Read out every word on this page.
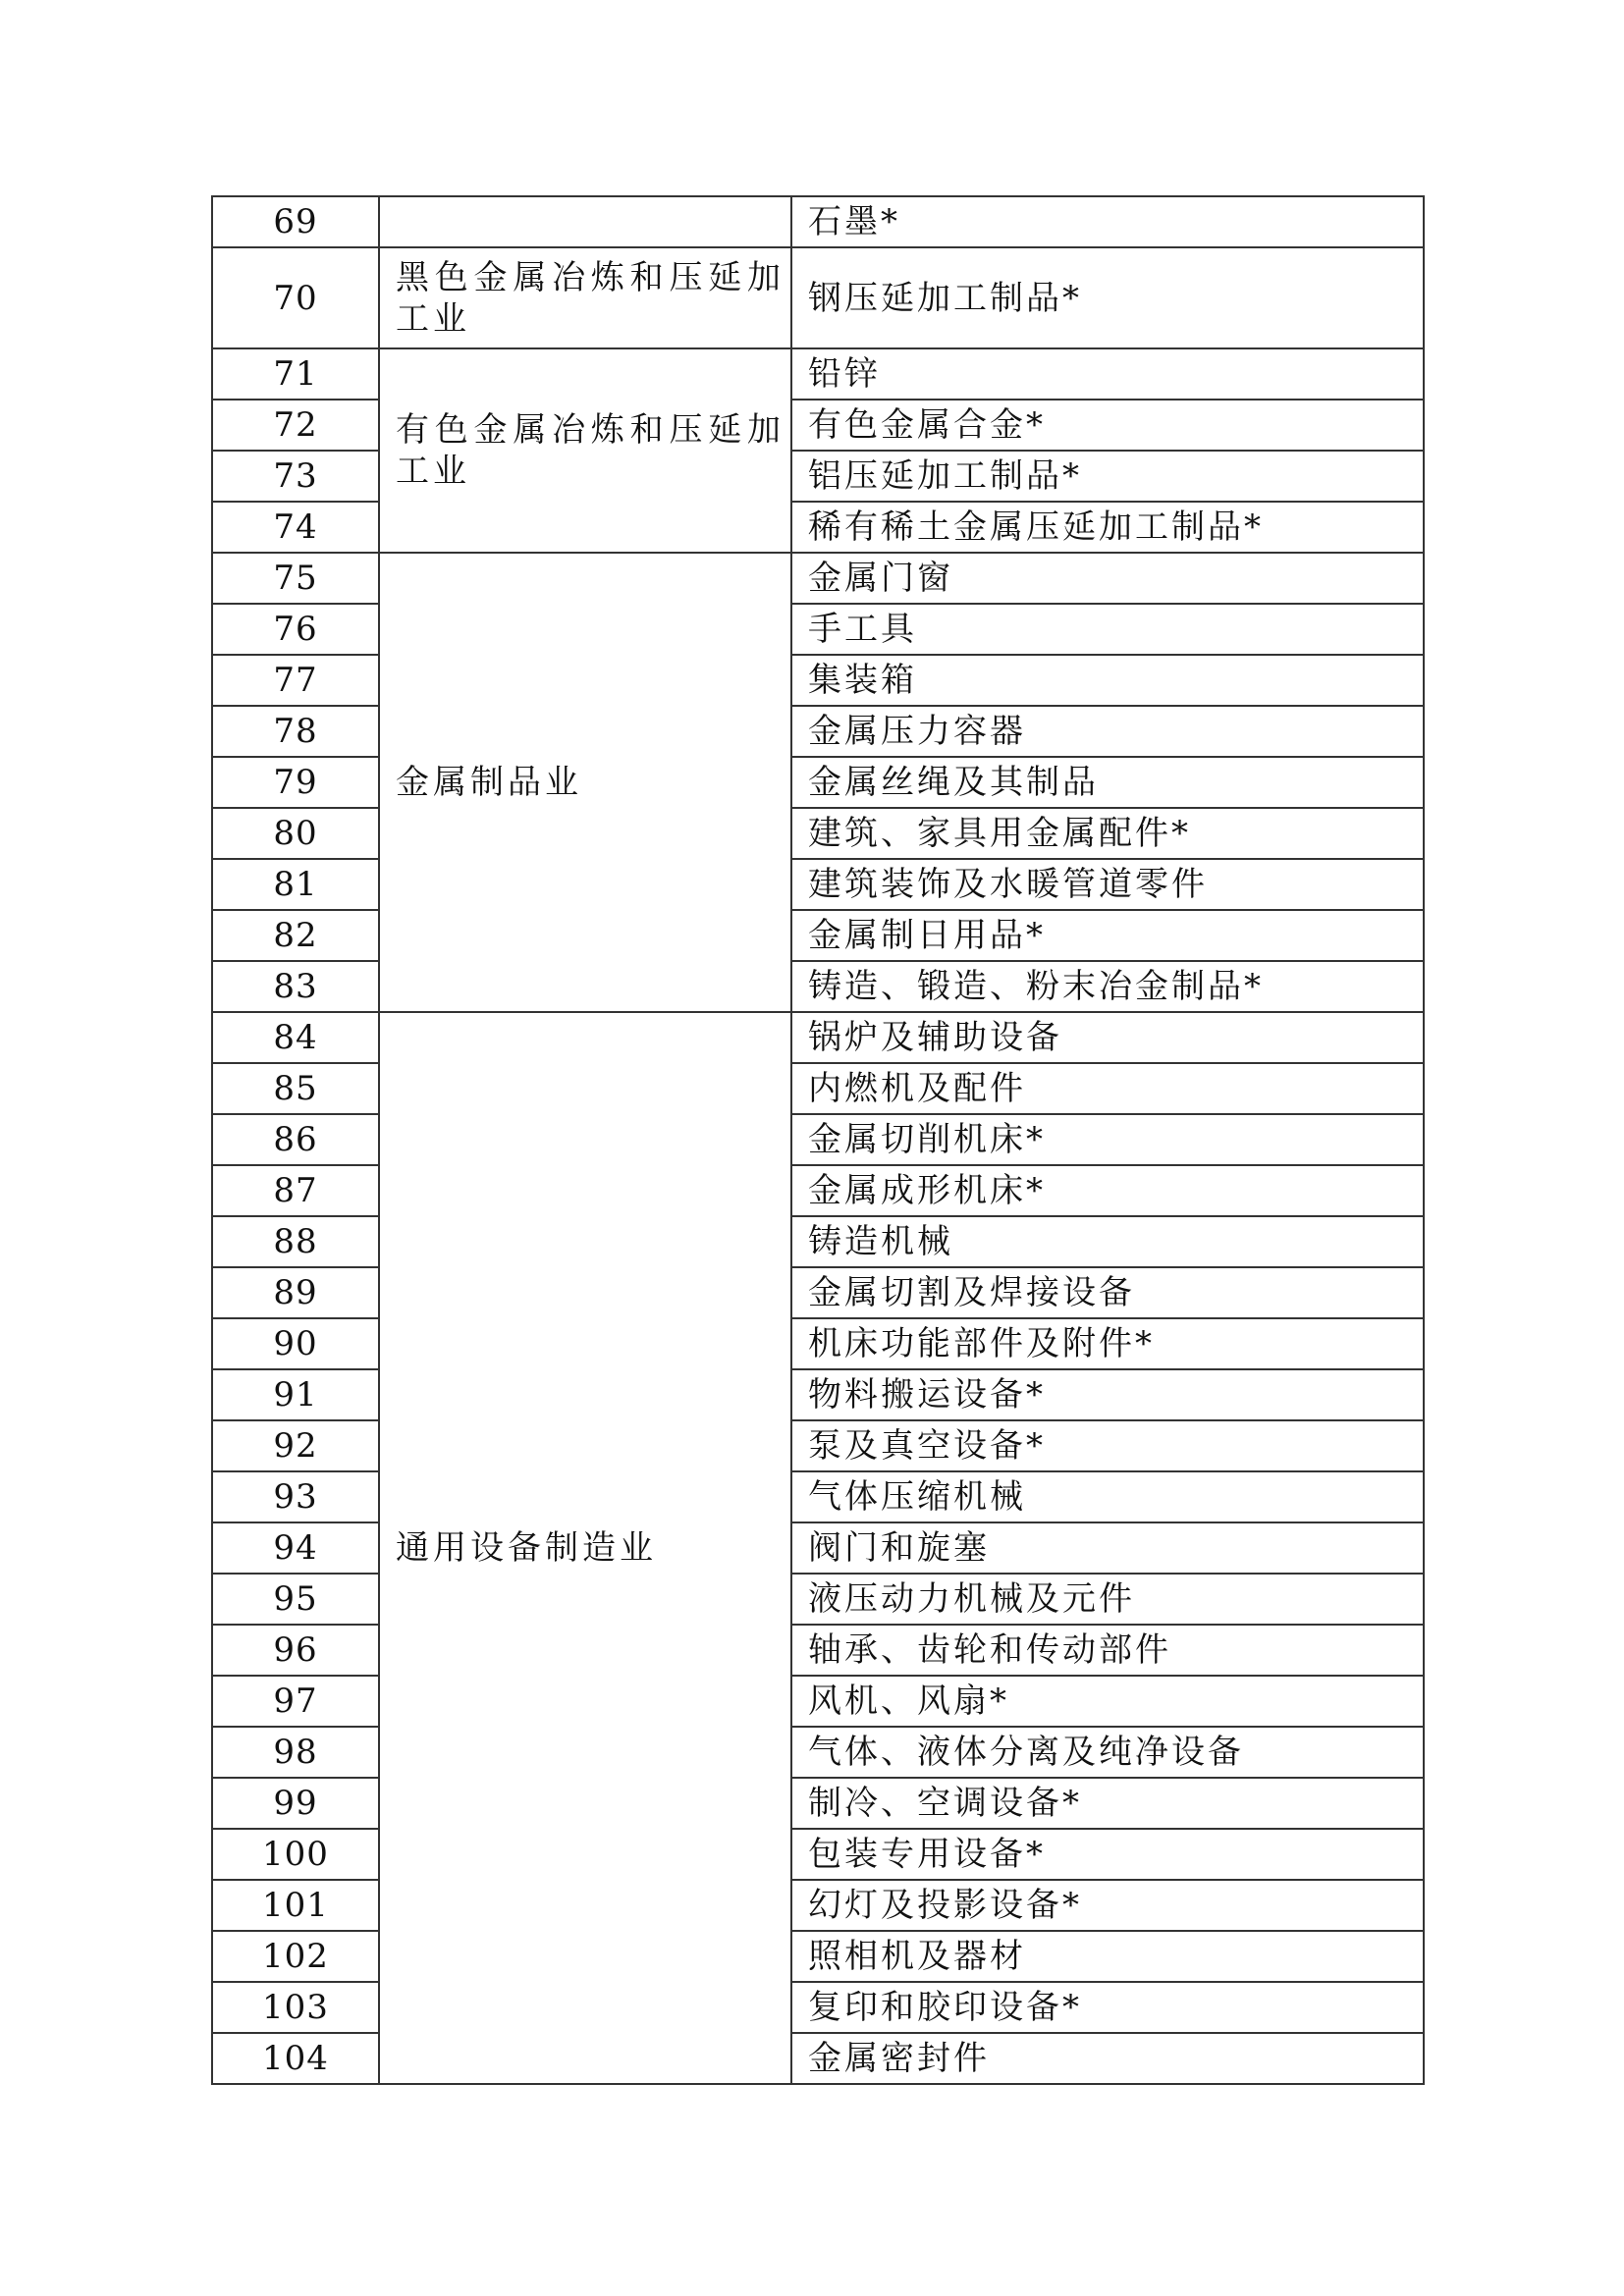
69		石墨*
70	黑色金属冶炼和压延加工业	钢压延加工制品*
71	有色金属冶炼和压延加工业	铅锌
72		有色金属合金*
73		铝压延加工制品*
74		稀有稀土金属压延加工制品*
75	金属制品业	金属门窗
76		手工具
77		集装箱
78		金属压力容器
79		金属丝绳及其制品
80		建筑、家具用金属配件*
81		建筑装饰及水暖管道零件
82		金属制日用品*
83		铸造、锻造、粉末冶金制品*
84	通用设备制造业	锅炉及辅助设备
85		内燃机及配件
86		金属切削机床*
87		金属成形机床*
88		铸造机械
89		金属切割及焊接设备
90		机床功能部件及附件*
91		物料搬运设备*
92		泵及真空设备*
93		气体压缩机械
94		阀门和旋塞
95		液压动力机械及元件
96		轴承、齿轮和传动部件
97		风机、风扇*
98		气体、液体分离及纯净设备
99		制冷、空调设备*
100		包装专用设备*
101		幻灯及投影设备*
102		照相机及器材
103		复印和胶印设备*
104		金属密封件
